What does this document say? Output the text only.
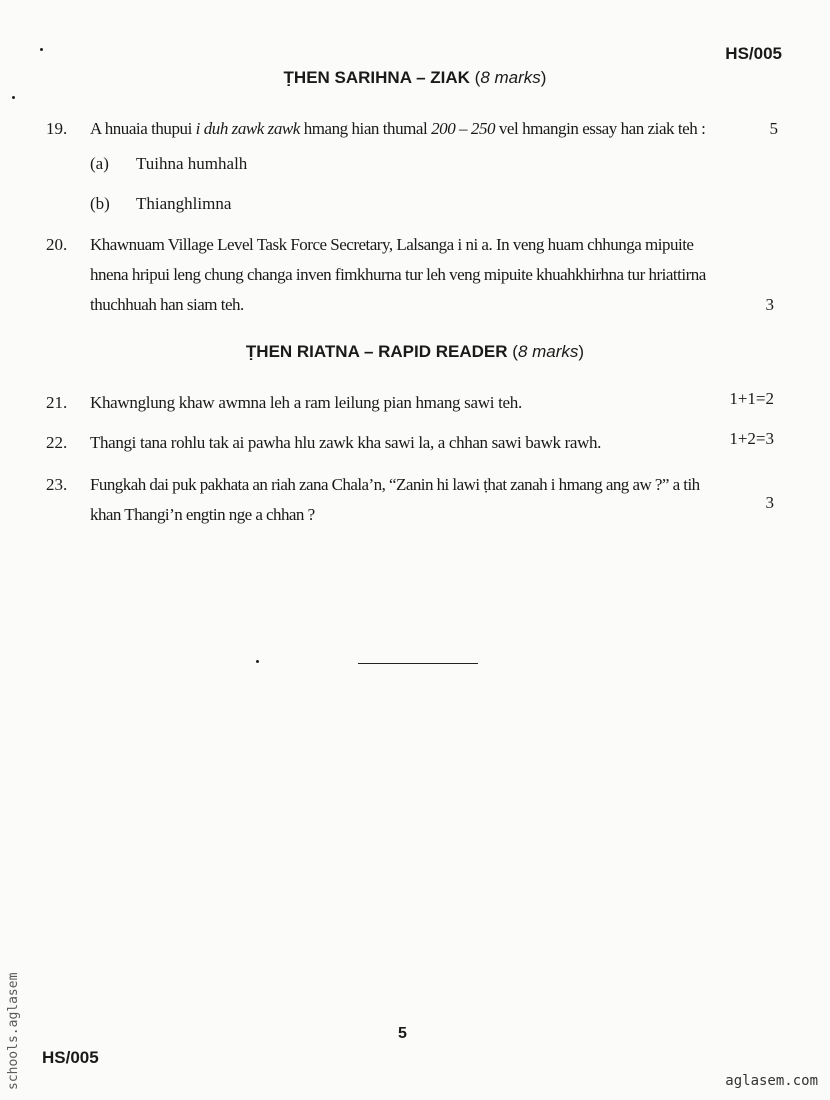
HS/005
ṬHEN SARIHNA – ZIAK (8 marks)
19.	A hnuaia thupui i duh zawk zawk hmang hian thumal 200 – 250 vel hmangin essay han ziak teh :	5
(a) Tuihna humhalh
(b) Thianghlimna
20.	Khawnuam Village Level Task Force Secretary, Lalsanga i ni a. In veng huam chhunga mipuite
hnena hripui leng chung changa inven fimkhurna tur leh veng mipuite khuahkhirhna tur hriattirna
thuchhuah han siam teh.	3
ṬHEN RIATNA – RAPID READER (8 marks)
21.	Khawnglung khaw awmna leh a ram leilung pian hmang sawi teh.	1+1=2
22.	Thangi tana rohlu tak ai pawha hlu zawk kha sawi la, a chhan sawi bawk rawh.	1+2=3
23.	Fungkah dai puk pakhata an riah zana Chala’n, “Zanin hi lawi ṭhat zanah i hmang ang aw ?” a tih
khan Thangi’n engtin nge a chhan ?
3
5
HS/005
schools.aglasem	aglasem.com
